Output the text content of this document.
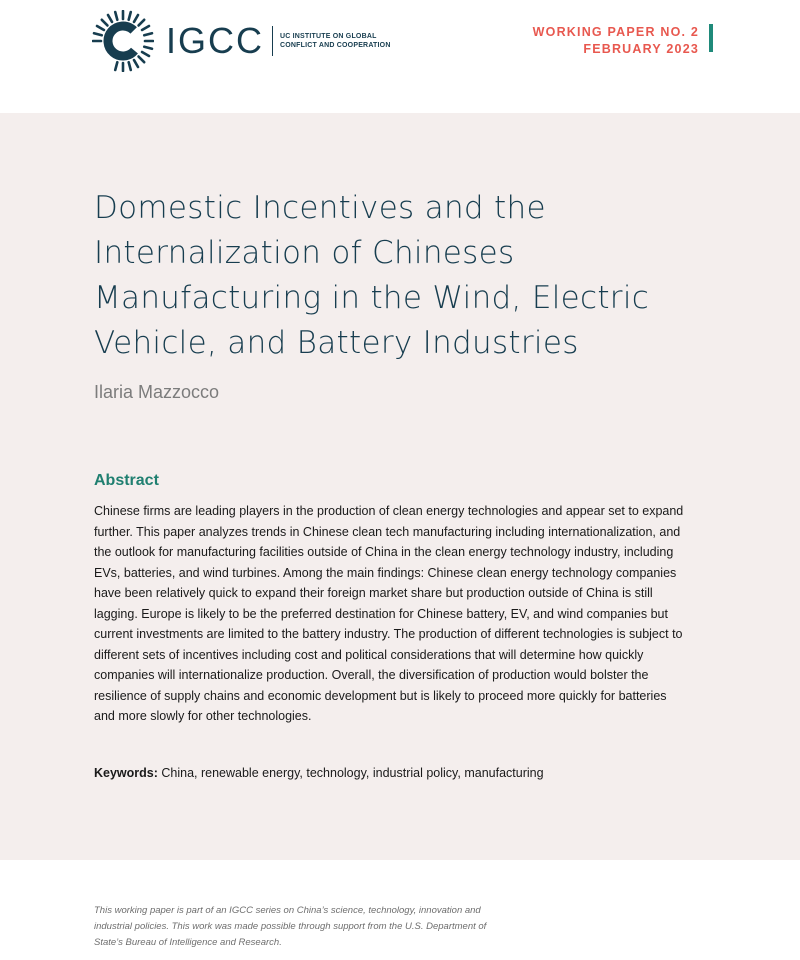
IGCC UC INSTITUTE ON GLOBAL
CONFLICT AND COOPERATION
WORKING PAPER NO. 2
FEBRUARY 2023
Domestic Incentives and the Internalization of Chineses Manufacturing in the Wind, Electric Vehicle, and Battery Industries
Ilaria Mazzocco
Abstract

Chinese firms are leading players in the production of clean energy technologies and appear set to expand further. This paper analyzes trends in Chinese clean tech manufacturing including internationalization, and the outlook for manufacturing facilities outside of China in the clean energy technology industry, including EVs, batteries, and wind turbines. Among the main findings: Chinese clean energy technology companies have been relatively quick to expand their foreign market share but production outside of China is still lagging. Europe is likely to be the preferred destination for Chinese battery, EV, and wind companies but current investments are limited to the battery industry. The production of different technologies is subject to different sets of incentives including cost and political considerations that will determine how quickly companies will internationalize production. Overall, the diversification of production would bolster the resilience of supply chains and economic development but is likely to proceed more quickly for batteries and more slowly for other technologies.

Keywords: China, renewable energy, technology, industrial policy, manufacturing

This working paper is part of an IGCC series on China’s science, technology, innovation and industrial policies. This work was made possible through support from the U.S. Department of State’s Bureau of Intelligence and Research.
